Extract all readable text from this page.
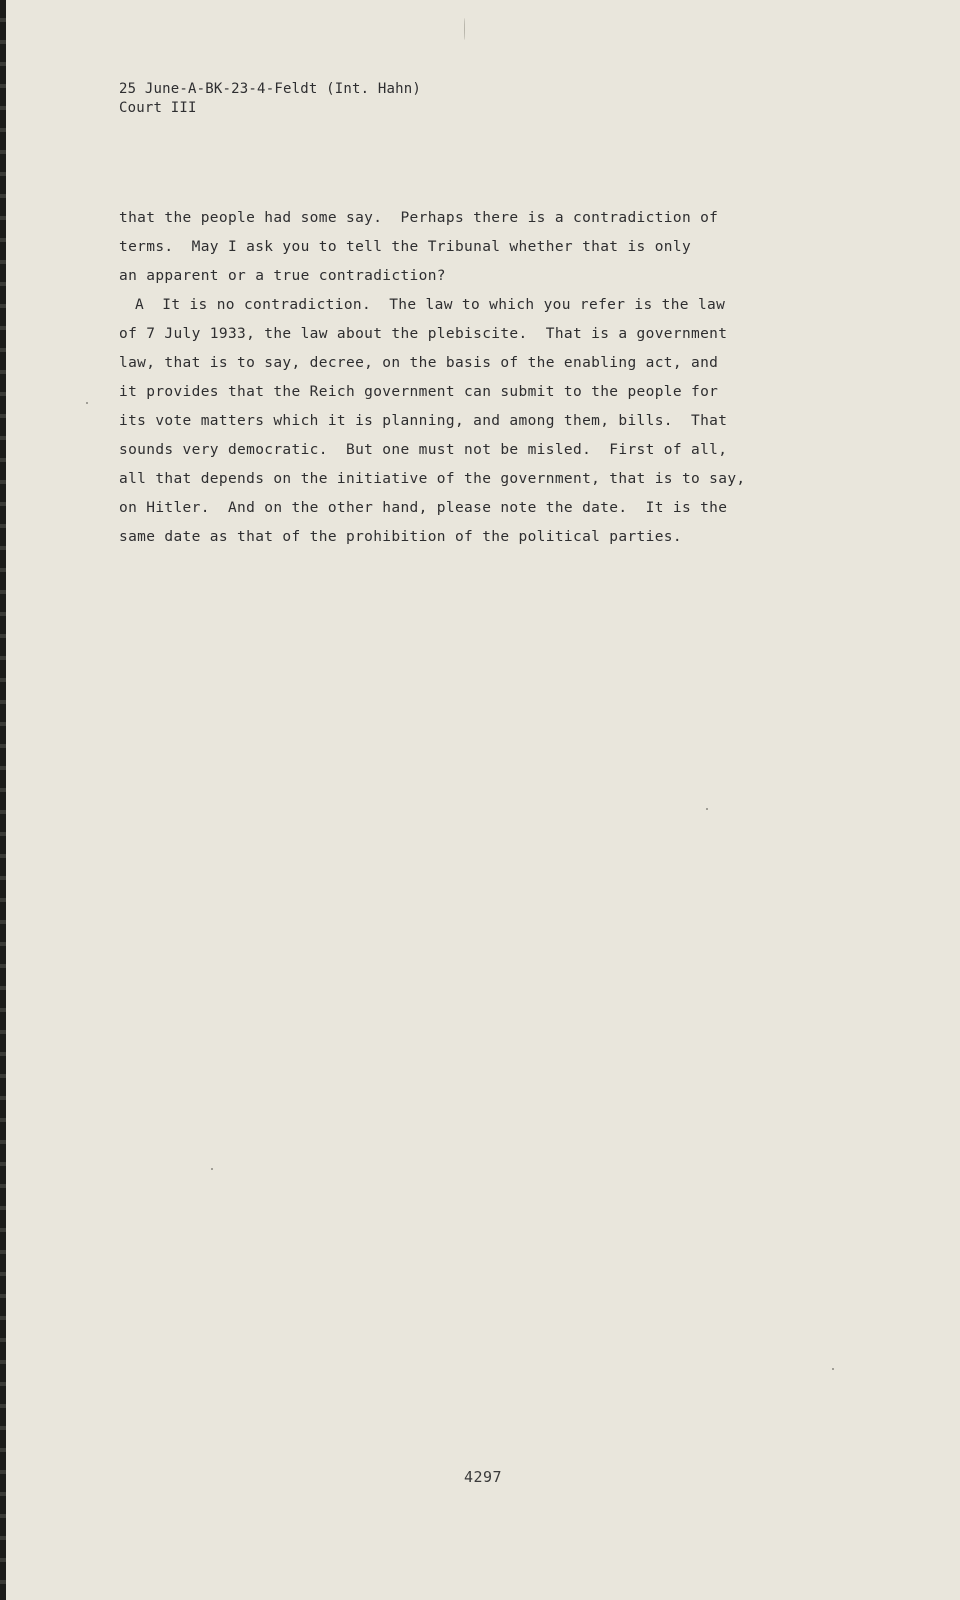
25 June-A-BK-23-4-Feldt (Int. Hahn)
Court III
that the people had some say.  Perhaps there is a contradiction of
terms.  May I ask you to tell the Tribunal whether that is only
an apparent or a true contradiction?
A  It is no contradiction.  The law to which you refer is the law
of 7 July 1933, the law about the plebiscite.  That is a government
law, that is to say, decree, on the basis of the enabling act, and
it provides that the Reich government can submit to the people for
its vote matters which it is planning, and among them, bills.  That
sounds very democratic.  But one must not be misled.  First of all,
all that depends on the initiative of the government, that is to say,
on Hitler.  And on the other hand, please note the date.  It is the
same date as that of the prohibition of the political parties.
4297
